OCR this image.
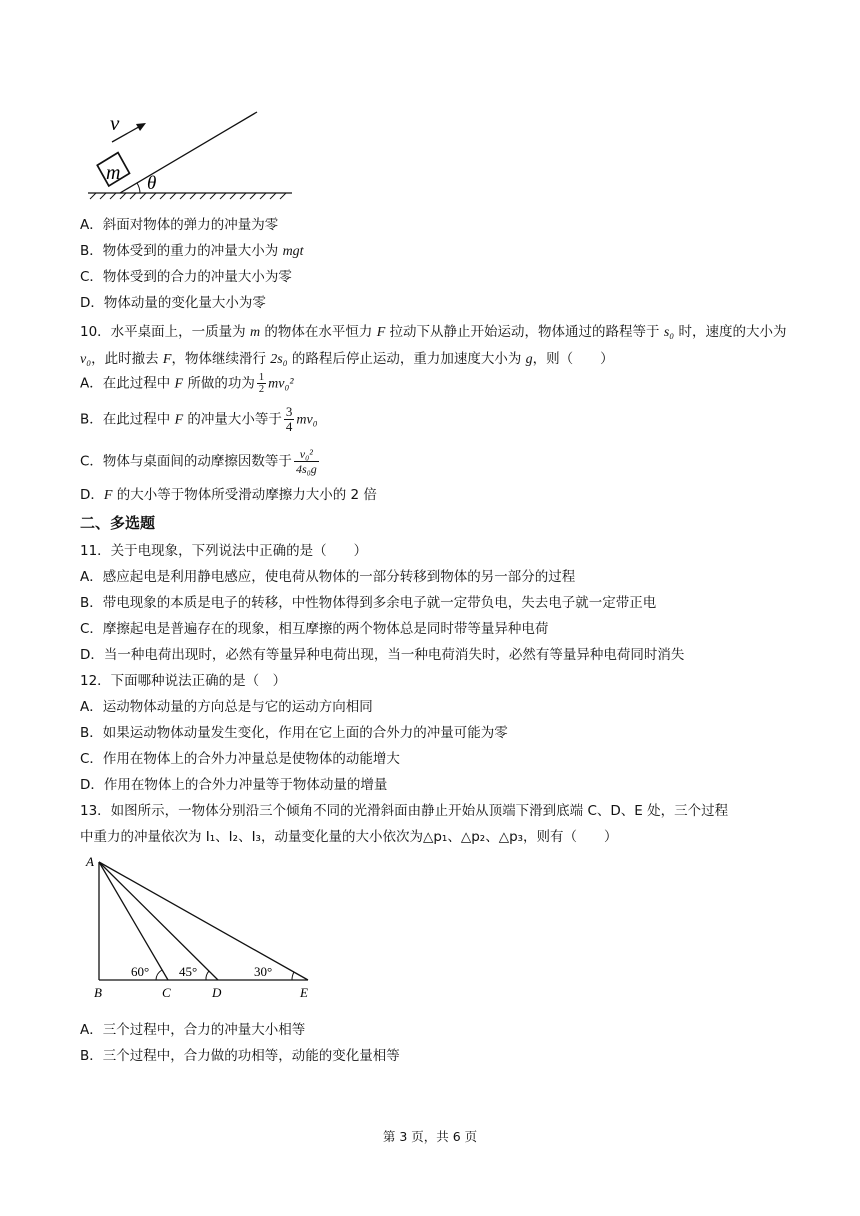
m θ
v
A．斜面对物体的弹力的冲量为零
B．物体受到的重力的冲量大小为 mgt
C．物体受到的合力的冲量大小为零
D．物体动量的变化量大小为零
10．水平桌面上，一质量为 m 的物体在水平恒力 F 拉动下从静止开始运动，物体通过的路程等于 s₀ 时，速度的大小为 v₀，此时撤去 F，物体继续滑行 2s₀ 的路程后停止运动，重力加速度大小为 g，则（　　）
A．在此过程中 F 所做的功为 $\frac{1}{2} mv_0^2$
B．在此过程中 F 的冲量大小等于 $\frac{3}{4} mv_0$
C．物体与桌面间的动摩擦因数等于 $\frac{\text{v₀²}}{\text{4s₀g}}$
D．F 的大小等于物体所受滑动摩擦力大小的 2 倍
二、多选题
11．关于电现象，下列说法中正确的是（　　）
A．感应起电是利用静电感应，使电荷从物体的一部分转移到物体的另一部分的过程
B．带电现象的本质是电子的转移，中性物体得到多余电子就一定带负电，失去电子就一定带正电
C．摩擦起电是普遍存在的现象，相互摩擦的两个物体总是同时带等量异种电荷
D．当一种电荷出现时，必然有等量异种电荷出现，当一种电荷消失时，必然有等量异种电荷同时消失
12．下面哪种说法正确的是（　）
A．运动物体动量的方向总是与它的运动方向相同
B．如果运动物体动量发生变化，作用在它上面的合外力的冲量可能为零
C．作用在物体上的合外力冲量总是使物体的动能增大
D．作用在物体上的合外力冲量等于物体动量的增量
13．如图所示，一物体分别沿三个倾角不同的光滑斜面由静止开始从顶端下滑到底端 C、D、E 处，三个过程
中重力的冲量依次为 I₁、I₂、I₃，动量变化量的大小依次为△p₁、△p₂、△p₃，则有（　　）
60° 45°	30°
A
B	C	D	E
A．三个过程中，合力的冲量大小相等
B．三个过程中，合力做的功相等，动能的变化量相等
第 3 页，共 6 页
